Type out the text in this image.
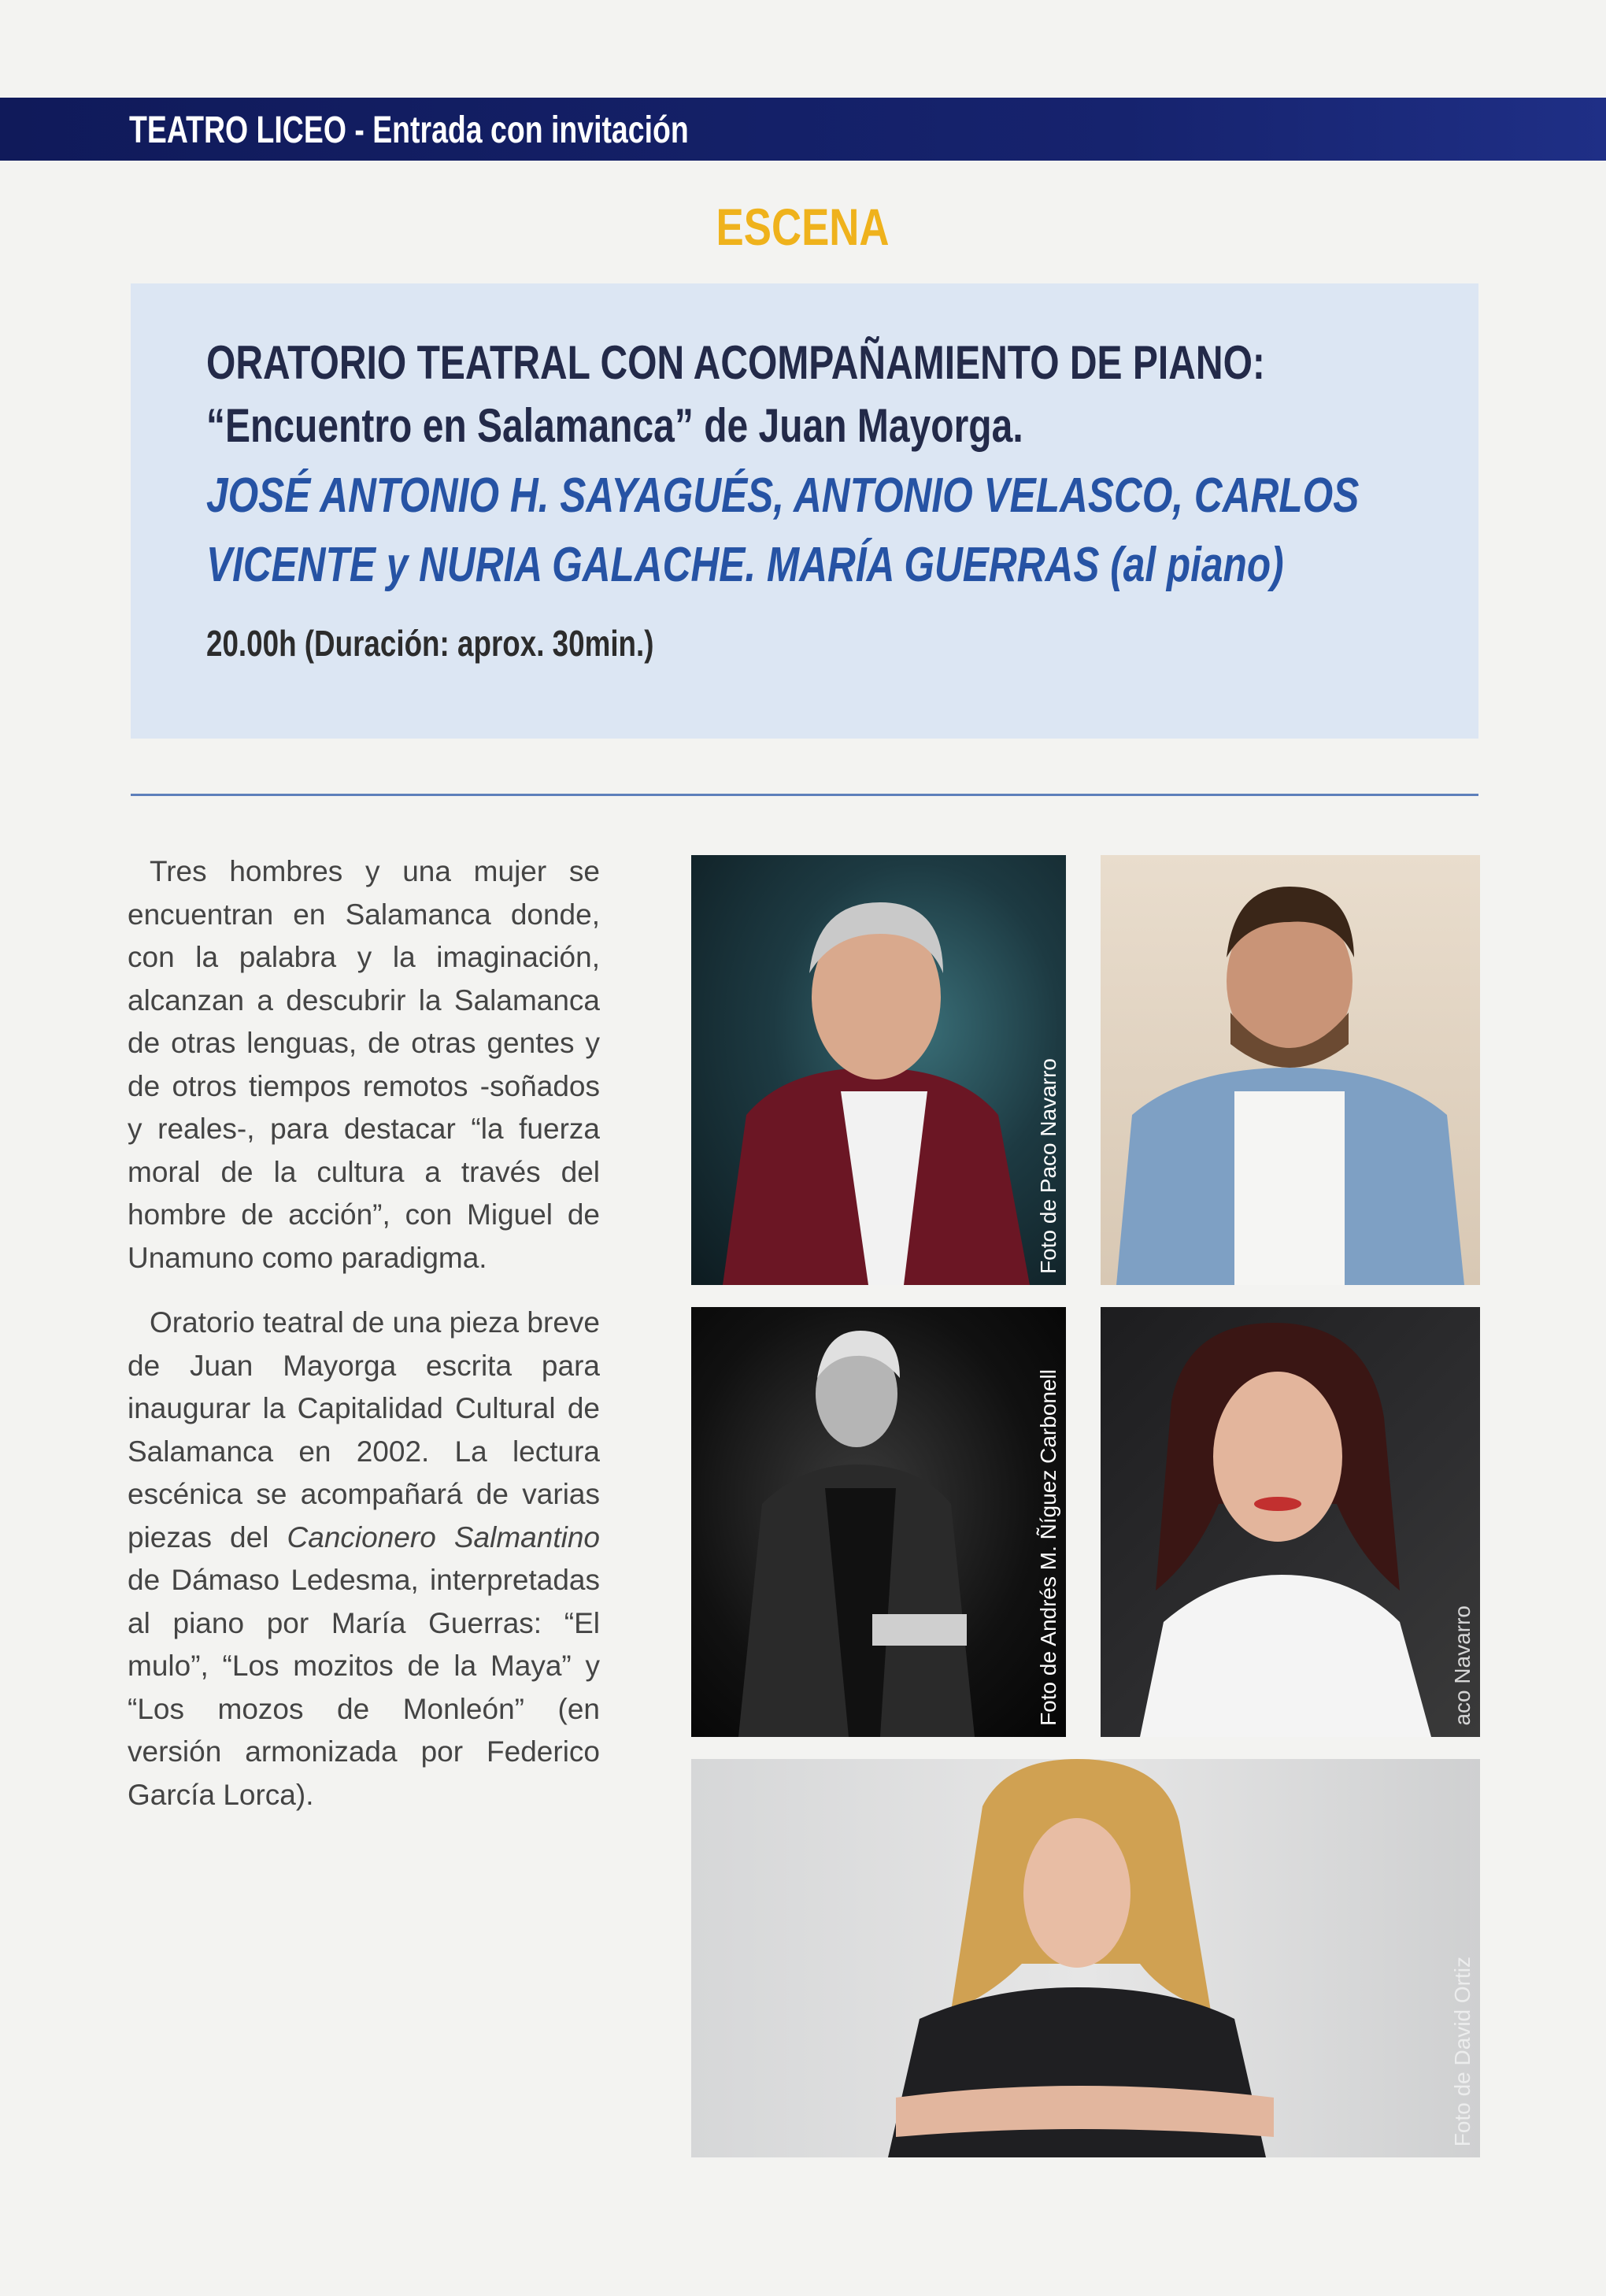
TEATRO LICEO - Entrada con invitación
ESCENA
ORATORIO TEATRAL CON ACOMPAÑAMIENTO DE PIANO:
“Encuentro en Salamanca” de Juan Mayorga.
JOSÉ ANTONIO H. SAYAGUÉS, ANTONIO VELASCO, CARLOS VICENTE y NURIA GALACHE. MARÍA GUERRAS (al piano)
20.00h (Duración: aprox. 30min.)

Tres hombres y una mujer se encuentran en Salamanca donde, con la palabra y la imaginación, alcanzan a descubrir la Salamanca de otras lenguas, de otras gentes y de otros tiempos remotos -soñados y reales-, para destacar “la fuerza moral de la cultura a través del hombre de acción”, con Miguel de Unamuno como paradigma.

Oratorio teatral de una pieza breve de Juan Mayorga escrita para inaugurar la Capitalidad Cultural de Salamanca en 2002. La lectura escénica se acompañará de varias piezas del Cancionero Salmantino de Dámaso Ledesma, interpretadas al piano por María Guerras: “El mulo”, “Los mozitos de la Maya” y “Los mozos de Monleón” (en versión armonizada por Federico García Lorca).

Foto de Paco Navarro
Foto de Andrés M. Ñíguez Carbonell	aco Navarro
Foto de David Ortiz
